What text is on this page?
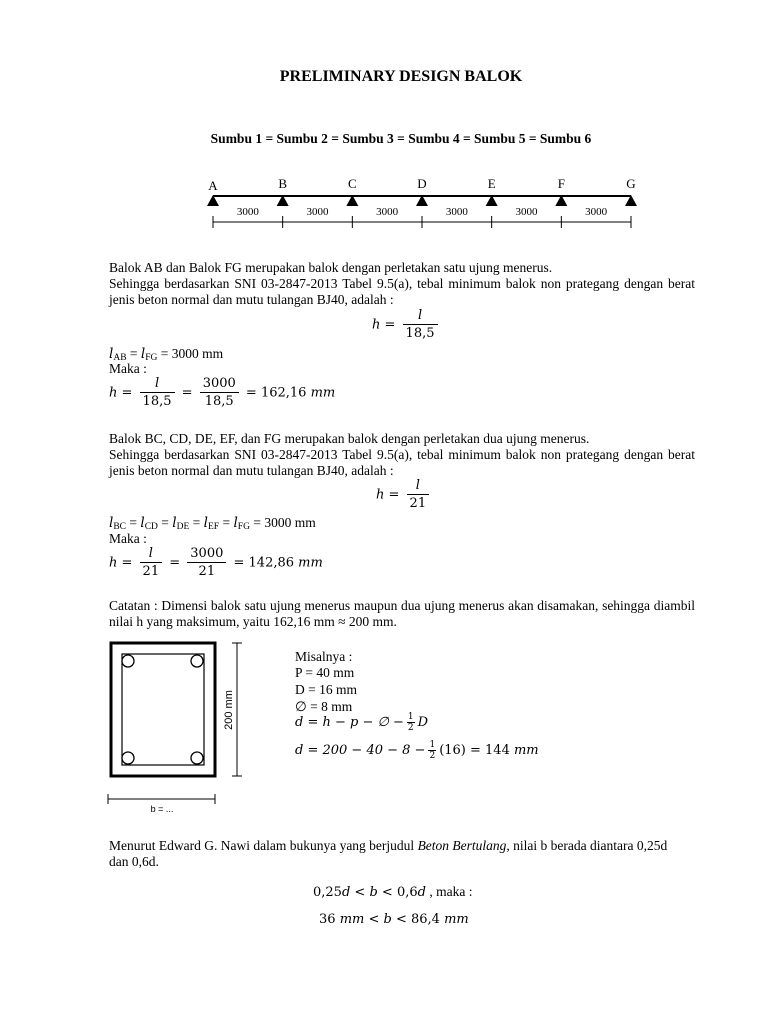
PRELIMINARY DESIGN BALOK
Sumbu 1 = Sumbu 2 = Sumbu 3 = Sumbu 4 = Sumbu 5 = Sumbu 6
A	B	C	D	E	F	G
3000	3000	3000	3000	3000	3000
Balok AB dan Balok FG merupakan balok dengan perletakan satu ujung menerus.
Sehingga berdasarkan SNI 03-2847-2013 Tabel 9.5(a), tebal minimum balok non prategang dengan berat jenis beton normal dan mutu tulangan BJ40, adalah :
$h = \frac{l}{18,5}$
$l_{AB} = l_{FG} = 3000$ mm
Maka :
$h = \frac{l}{18,5} = \frac{3000}{18,5} = 162,16$ mm
Balok BC, CD, DE, EF, dan FG merupakan balok dengan perletakan dua ujung menerus.
Sehingga berdasarkan SNI 03-2847-2013 Tabel 9.5(a), tebal minimum balok non prategang dengan berat jenis beton normal dan mutu tulangan BJ40, adalah :
$h = \frac{l}{21}$
$l_{BC} = l_{CD} = l_{DE} = l_{EF} = l_{FG} = 3000$ mm
Maka :
$h = \frac{l}{21} = \frac{3000}{21} = 142,86$ mm
Catatan : Dimensi balok satu ujung menerus maupun dua ujung menerus akan disamakan, sehingga diambil nilai h yang maksimum, yaitu 162,16 mm ≈ 200 mm.
200 mm
b = ...
Misalnya :
P = 40 mm
D = 16 mm
∅ = 8 mm
d = h − p − ∅ − $\frac{1}{2}$ D
$d = 200 - 40 - 8 - \frac{1}{2} (16) = 144$ mm
Menurut Edward G. Nawi dalam bukunya yang berjudul Beton Bertulang, nilai b berada diantara 0,25d dan 0,6d.
0,25d < b < 0,6d , maka :
36 mm < b < 86,4 mm
